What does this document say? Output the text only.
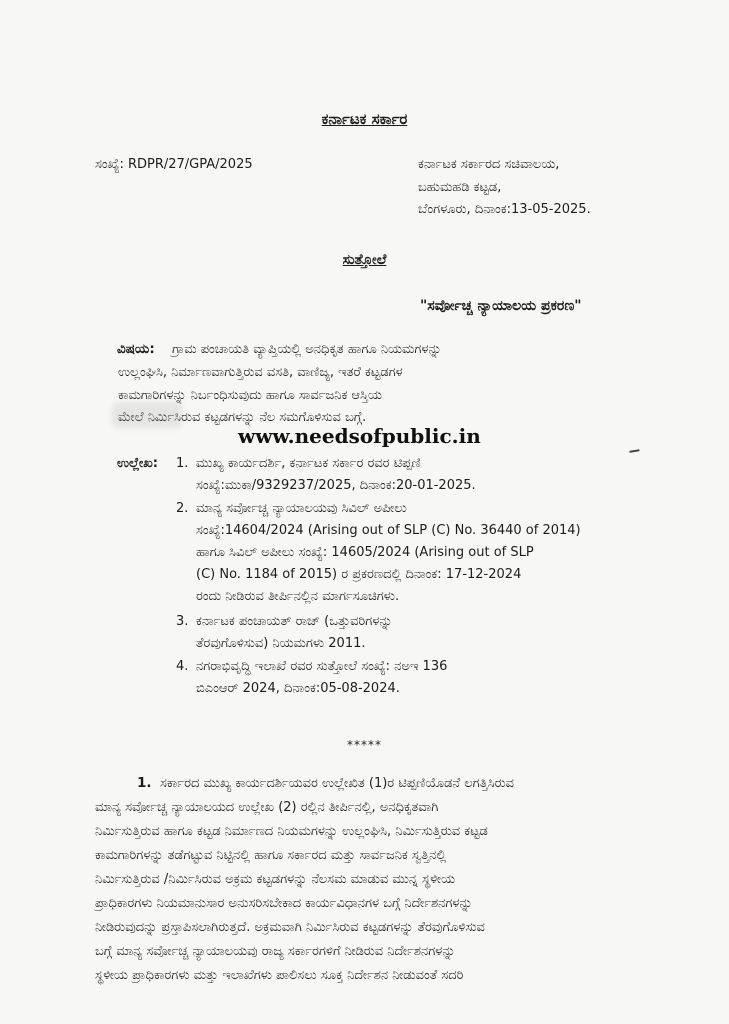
ಕರ್ನಾಟಕ ಸರ್ಕಾರ
ಸಂಖ್ಯೆ: RDPR/27/GPA/2025	ಕರ್ನಾಟಕ ಸರ್ಕಾರದ ಸಚಿವಾಲಯ,
ಬಹುಮಹಡಿ ಕಟ್ಟಡ,
ಬೆಂಗಳೂರು, ದಿನಾಂಕ:13-05-2025.
ಸುತ್ತೋಲೆ
"ಸರ್ವೋಚ್ಚ ನ್ಯಾಯಾಲಯ ಪ್ರಕರಣ"
ವಿಷಯ: ಗ್ರಾಮ ಪಂಚಾಯತಿ ವ್ಯಾಪ್ತಿಯಲ್ಲಿ ಅನಧಿಕೃತ ಹಾಗೂ ನಿಯಮಗಳನ್ನು
ಉಲ್ಲಂಘಿಸಿ, ನಿರ್ಮಾಣವಾಗುತ್ತಿರುವ ವಸತಿ, ವಾಣಿಜ್ಯ, ಇತರೆ ಕಟ್ಟಡಗಳ
ಕಾಮಗಾರಿಗಳನ್ನು ನಿರ್ಬಂಧಿಸುವುದು ಹಾಗೂ ಸಾರ್ವಜನಿಕ ಆಸ್ತಿಯ
ಮೇಲೆ ನಿರ್ಮಿಸಿರುವ ಕಟ್ಟಡಗಳನ್ನು ನೆಲ ಸಮಗೊಳಿಸುವ ಬಗ್ಗೆ.
www.needsofpublic.in
ಉಲ್ಲೇಖ: 1. ಮುಖ್ಯ ಕಾರ್ಯದರ್ಶಿ, ಕರ್ನಾಟಕ ಸರ್ಕಾರ ರವರ ಟಿಪ್ಪಣಿ
ಸಂಖ್ಯೆ:ಮುಕಾ/9329237/2025, ದಿನಾಂಕ:20-01-2025.
2. ಮಾನ್ಯ ಸರ್ವೋಚ್ಚ ನ್ಯಾಯಾಲಯವು ಸಿವಿಲ್ ಅಪೀಲು
ಸಂಖ್ಯೆ:14604/2024 (Arising out of SLP (C) No. 36440 of 2014)
ಹಾಗೂ ಸಿವಿಲ್ ಅಪೀಲು ಸಂಖ್ಯೆ: 14605/2024 (Arising out of SLP
(C) No. 1184 of 2015) ರ ಪ್ರಕರಣದಲ್ಲಿ ದಿನಾಂಕ: 17-12-2024
ರಂದು ನೀಡಿರುವ ತೀರ್ಪಿನಲ್ಲಿನ ಮಾರ್ಗಸೂಚಿಗಳು.
3. ಕರ್ನಾಟಕ ಪಂಚಾಯತ್ ರಾಜ್ (ಒತ್ತುವರಿಗಳನ್ನು
ತೆರವುಗೊಳಿಸುವ) ನಿಯಮಗಳು 2011.
4. ನಗರಾಭಿವೃದ್ಧಿ ಇಲಾಖೆ ರವರ ಸುತ್ತೋಲೆ ಸಂಖ್ಯೆ: ನಅಇ 136
ಬಿಎಂಆರ್ 2024, ದಿನಾಂಕ:05-08-2024.
*****
1. ಸರ್ಕಾರದ ಮುಖ್ಯ ಕಾರ್ಯದರ್ಶಿಯವರ ಉಲ್ಲೇಖಿತ (1)ರ ಟಿಪ್ಪಣಿಯೊಡನೆ ಲಗತ್ತಿಸಿರುವ
ಮಾನ್ಯ ಸರ್ವೋಚ್ಚ ನ್ಯಾಯಾಲಯದ ಉಲ್ಲೇಖ (2) ರಲ್ಲಿನ ತೀರ್ಪಿನಲ್ಲಿ, ಅನಧಿಕೃತವಾಗಿ
ನಿರ್ಮಿಸುತ್ತಿರುವ ಹಾಗೂ ಕಟ್ಟಡ ನಿರ್ಮಾಣದ ನಿಯಮಗಳನ್ನು ಉಲ್ಲಂಘಿಸಿ, ನಿರ್ಮಿಸುತ್ತಿರುವ ಕಟ್ಟಡ
ಕಾಮಗಾರಿಗಳನ್ನು ತಡೆಗಟ್ಟುವ ನಿಟ್ಟಿನಲ್ಲಿ ಹಾಗೂ ಸರ್ಕಾರದ ಮತ್ತು ಸಾರ್ವಜನಿಕ ಸ್ವತ್ತಿನಲ್ಲಿ
ನಿರ್ಮಿಸುತ್ತಿರುವ /ನಿರ್ಮಿಸಿರುವ ಅಕ್ರಮ ಕಟ್ಟಡಗಳನ್ನು ನೆಲಸಮ ಮಾಡುವ ಮುನ್ನ ಸ್ಥಳೀಯ
ಪ್ರಾಧಿಕಾರಗಳು ನಿಯಮಾನುಸಾರ ಅನುಸರಿಸಬೇಕಾದ ಕಾರ್ಯವಿಧಾನಗಳ ಬಗ್ಗೆ ನಿರ್ದೇಶನಗಳನ್ನು
ನೀಡಿರುವುದನ್ನು ಪ್ರಸ್ತಾಪಿಸಲಾಗಿರುತ್ತದೆ. ಅಕ್ರಮವಾಗಿ ನಿರ್ಮಿಸಿರುವ ಕಟ್ಟಡಗಳನ್ನು ತೆರವುಗೊಳಿಸುವ
ಬಗ್ಗೆ ಮಾನ್ಯ ಸರ್ವೋಚ್ಚ ನ್ಯಾಯಾಲಯವು ರಾಜ್ಯ ಸರ್ಕಾರಗಳಿಗೆ ನೀಡಿರುವ ನಿರ್ದೇಶನಗಳನ್ನು
ಸ್ಥಳೀಯ ಪ್ರಾಧಿಕಾರಗಳು ಮತ್ತು ಇಲಾಖೆಗಳು ಪಾಲಿಸಲು ಸೂಕ್ತ ನಿರ್ದೇಶನ ನೀಡುವಂತೆ ಸದರಿ
